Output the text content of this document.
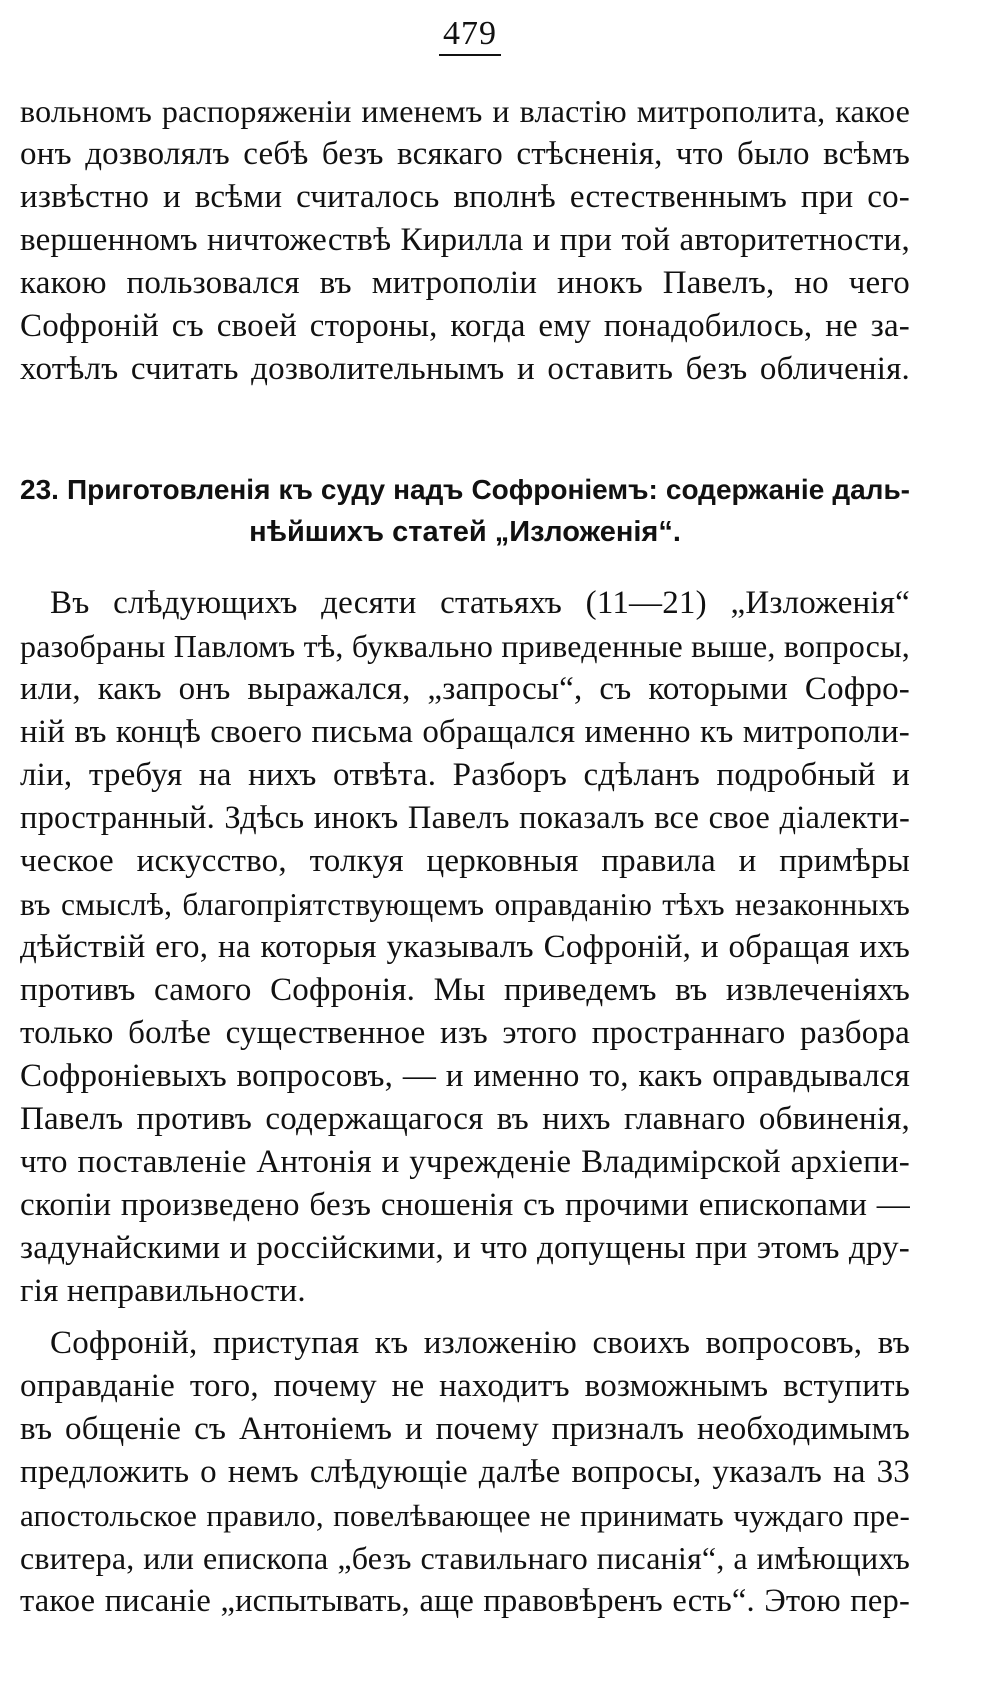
479
вольномъ распоряженіи именемъ и властію митрополита, какое
онъ дозволялъ себѣ безъ всякаго стѣсненія, что было всѣмъ
извѣстно и всѣми считалось вполнѣ естественнымъ при со-
вершенномъ ничтожествѣ Кирилла и при той авторитетности,
какою пользовался въ митрополіи инокъ Павелъ, но чего
Софроній съ своей стороны, когда ему понадобилось, не за-
хотѣлъ считать дозволительнымъ и оставить безъ обличенія.
23. Приготовленія къ суду надъ Софроніемъ: содержаніе даль-
нѣйшихъ статей „Изложенія“.
Въ слѣдующихъ десяти статьяхъ (11—21) „Изложенія“
разобраны Павломъ тѣ, буквально приведенные выше, вопросы,
или, какъ онъ выражался, „запросы“, съ которыми Софро-
ній въ концѣ своего письма обращался именно къ митрополи-
ліи, требуя на нихъ отвѣта. Разборъ сдѣланъ подробный и
пространный. Здѣсь инокъ Павелъ показалъ все свое діалекти-
ческое искусство, толкуя церковныя правила и примѣры
въ смыслѣ, благопріятствующемъ оправданію тѣхъ незаконныхъ
дѣйствій его, на которыя указывалъ Софроній, и обращая ихъ
противъ самого Софронія. Мы приведемъ въ извлеченіяхъ
только болѣе существенное изъ этого пространнаго разбора
Софроніевыхъ вопросовъ, — и именно то, какъ оправдывался
Павелъ противъ содержащагося въ нихъ главнаго обвиненія,
что поставленіе Антонія и учрежденіе Владимірской архіепи-
скопіи произведено безъ сношенія съ прочими епископами —
задунайскими и россійскими, и что допущены при этомъ дру-
гія неправильности.
Софроній, приступая къ изложенію своихъ вопросовъ, въ
оправданіе того, почему не находитъ возможнымъ вступить
въ общеніе съ Антоніемъ и почему призналъ необходимымъ
предложить о немъ слѣдующіе далѣе вопросы, указалъ на 33
апостольское правило, повелѣвающее не принимать чуждаго пре-
свитера, или епископа „безъ ставильнаго писанія“, а имѣющихъ
такое писаніе „испытывать, аще правовѣренъ есть“. Этою пер-
